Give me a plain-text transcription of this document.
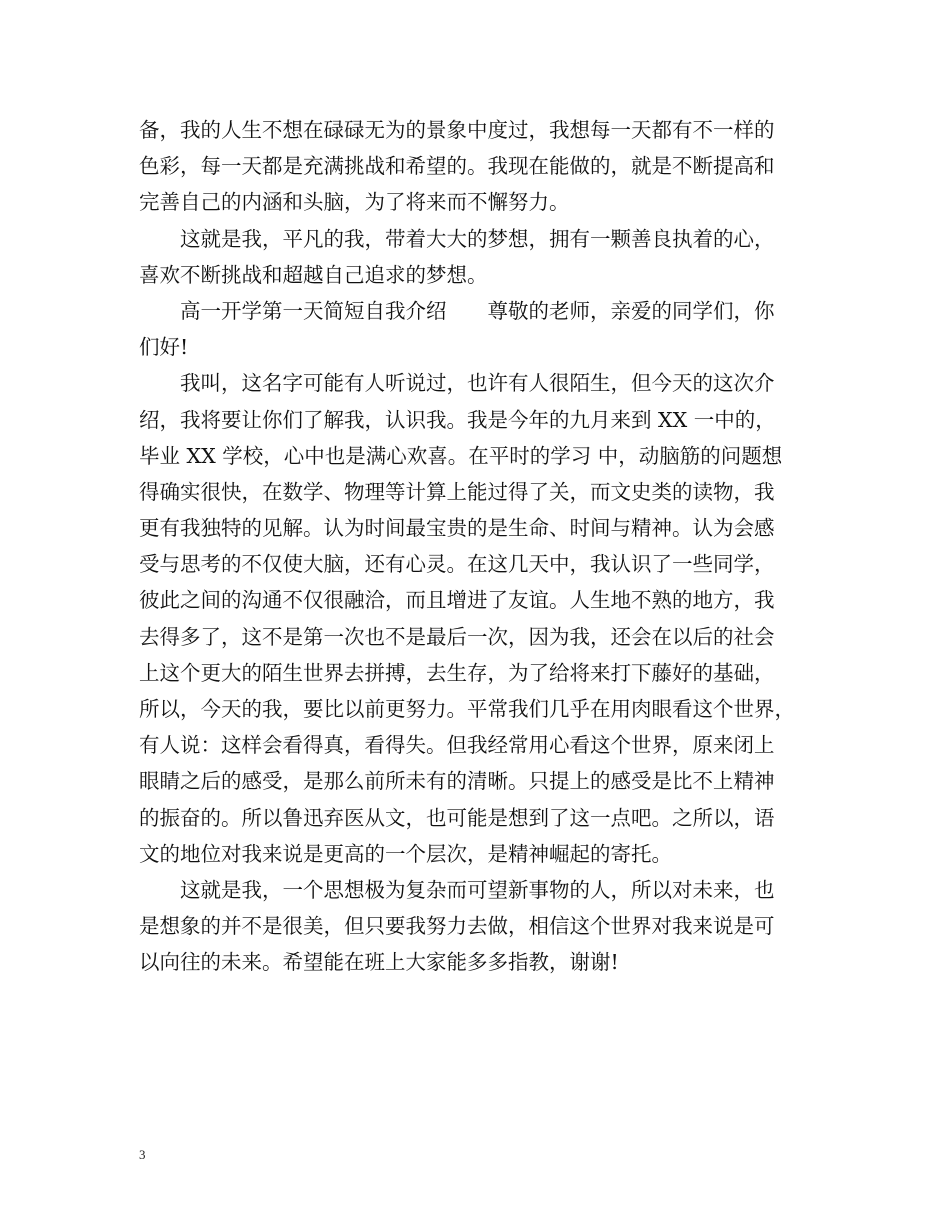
备，我的人生不想在碌碌无为的景象中度过，我想每一天都有不一样的
色彩，每一天都是充满挑战和希望的。我现在能做的，就是不断提高和
完善自己的内涵和头脑，为了将来而不懈努力。
这就是我，平凡的我，带着大大的梦想，拥有一颗善良执着的心，
喜欢不断挑战和超越自己追求的梦想。
高一开学第一天简短自我介绍　　尊敬的老师，亲爱的同学们，你
们好!
我叫，这名字可能有人听说过，也许有人很陌生，但今天的这次介
绍，我将要让你们了解我，认识我。我是今年的九月来到 XX 一中的，
毕业 XX 学校，心中也是满心欢喜。在平时的学习 中，动脑筋的问题想
得确实很快，在数学、物理等计算上能过得了关，而文史类的读物，我
更有我独特的见解。认为时间最宝贵的是生命、时间与精神。认为会感
受与思考的不仅使大脑，还有心灵。在这几天中，我认识了一些同学，
彼此之间的沟通不仅很融洽，而且增进了友谊。人生地不熟的地方，我
去得多了，这不是第一次也不是最后一次，因为我，还会在以后的社会
上这个更大的陌生世界去拼搏，去生存，为了给将来打下藤好的基础，
所以，今天的我，要比以前更努力。平常我们几乎在用肉眼看这个世界，
有人说：这样会看得真，看得失。但我经常用心看这个世界，原来闭上
眼睛之后的感受，是那么前所未有的清晰。只提上的感受是比不上精神
的振奋的。所以鲁迅弃医从文，也可能是想到了这一点吧。之所以，语
文的地位对我来说是更高的一个层次，是精神崛起的寄托。
这就是我，一个思想极为复杂而可望新事物的人，所以对未来，也
是想象的并不是很美，但只要我努力去做，相信这个世界对我来说是可
以向往的未来。希望能在班上大家能多多指教，谢谢!
3
